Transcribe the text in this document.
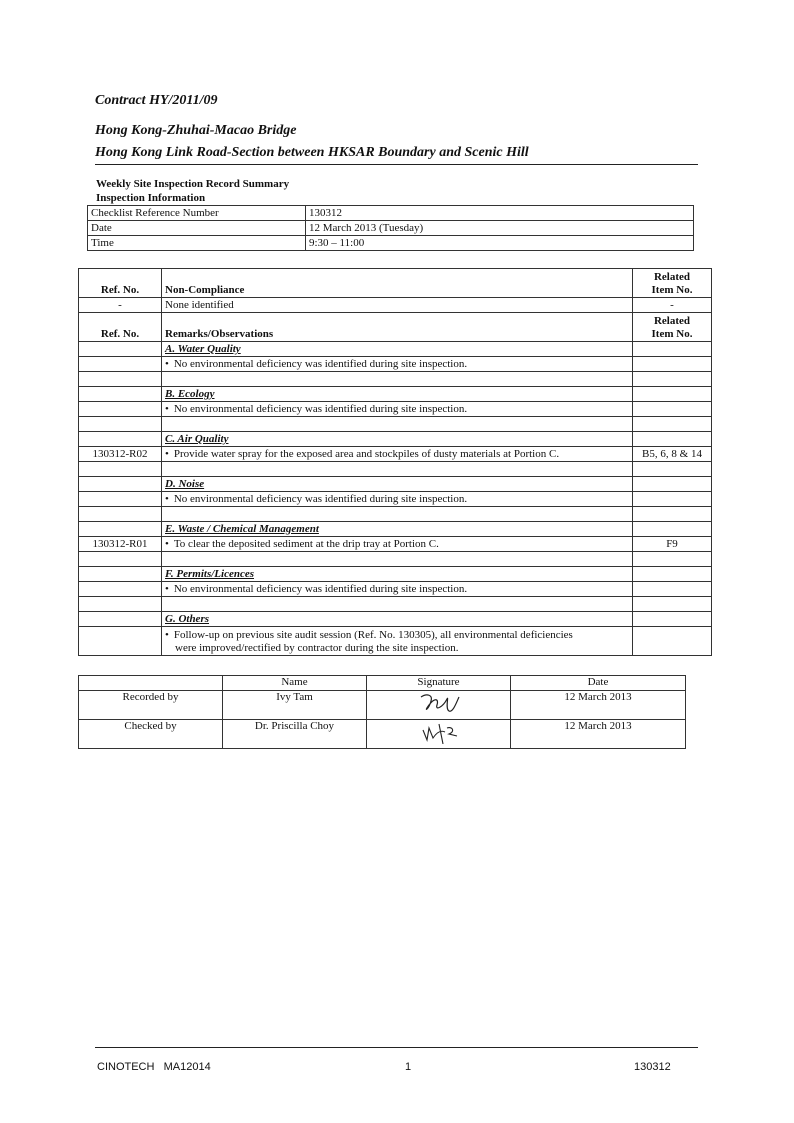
Contract HY/2011/09
Hong Kong-Zhuhai-Macao Bridge
Hong Kong Link Road-Section between HKSAR Boundary and Scenic Hill
Weekly Site Inspection Record Summary
Inspection Information
Checklist Reference Number	130312
Date	12 March 2013 (Tuesday)
Time	9:30 – 11:00
Ref. No.	Non-Compliance	Related
Item No.
-	None identified	-
Ref. No.	Remarks/Observations	Related
Item No.
	A. Water Quality	
	• No environmental deficiency was identified during site inspection.	

	B. Ecology	
	• No environmental deficiency was identified during site inspection.	

	C. Air Quality	
130312-R02	• Provide water spray for the exposed area and stockpiles of dusty materials at Portion C.	B5, 6, 8 & 14

	D. Noise	
	• No environmental deficiency was identified during site inspection.	

	E. Waste / Chemical Management	
130312-R01	• To clear the deposited sediment at the drip tray at Portion C.	F9

	F. Permits/Licences	
	• No environmental deficiency was identified during site inspection.	

	G. Others	
	• Follow-up on previous site audit session (Ref. No. 130305), all environmental deficiencies
were improved/rectified by contractor during the site inspection.	
	Name	Signature	Date
Recorded by	Ivy Tam		12 March 2013
Checked by	Dr. Priscilla Choy		12 March 2013
CINOTECH   MA12014	1	130312
